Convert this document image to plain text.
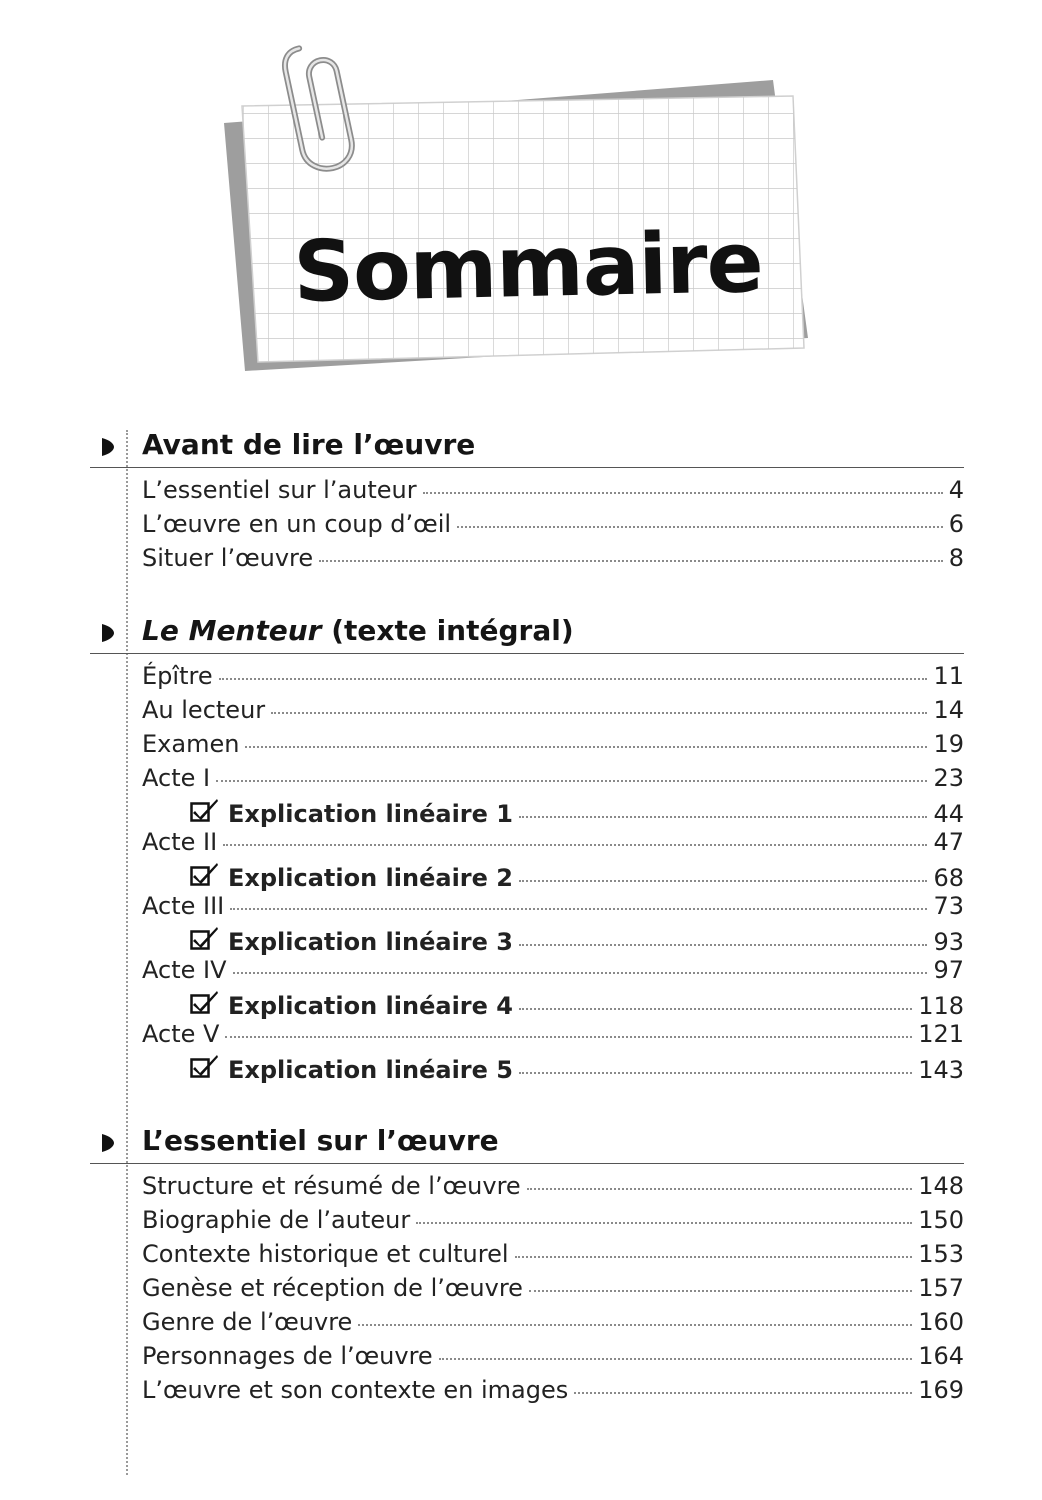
Sommaire
Avant de lire l’œuvre
L’essentiel sur l’auteur	4
L’œuvre en un coup d’œil	6
Situer l’œuvre	8
Le Menteur (texte intégral)
Épître	11
Au lecteur	14
Examen	19
Acte I	23
Explication linéaire 1	44
Acte II	47
Explication linéaire 2	68
Acte III	73
Explication linéaire 3	93
Acte IV	97
Explication linéaire 4	118
Acte V	121
Explication linéaire 5	143
L’essentiel sur l’œuvre
Structure et résumé de l’œuvre	148
Biographie de l’auteur	150
Contexte historique et culturel	153
Genèse et réception de l’œuvre	157
Genre de l’œuvre	160
Personnages de l’œuvre	164
L’œuvre et son contexte en images	169
